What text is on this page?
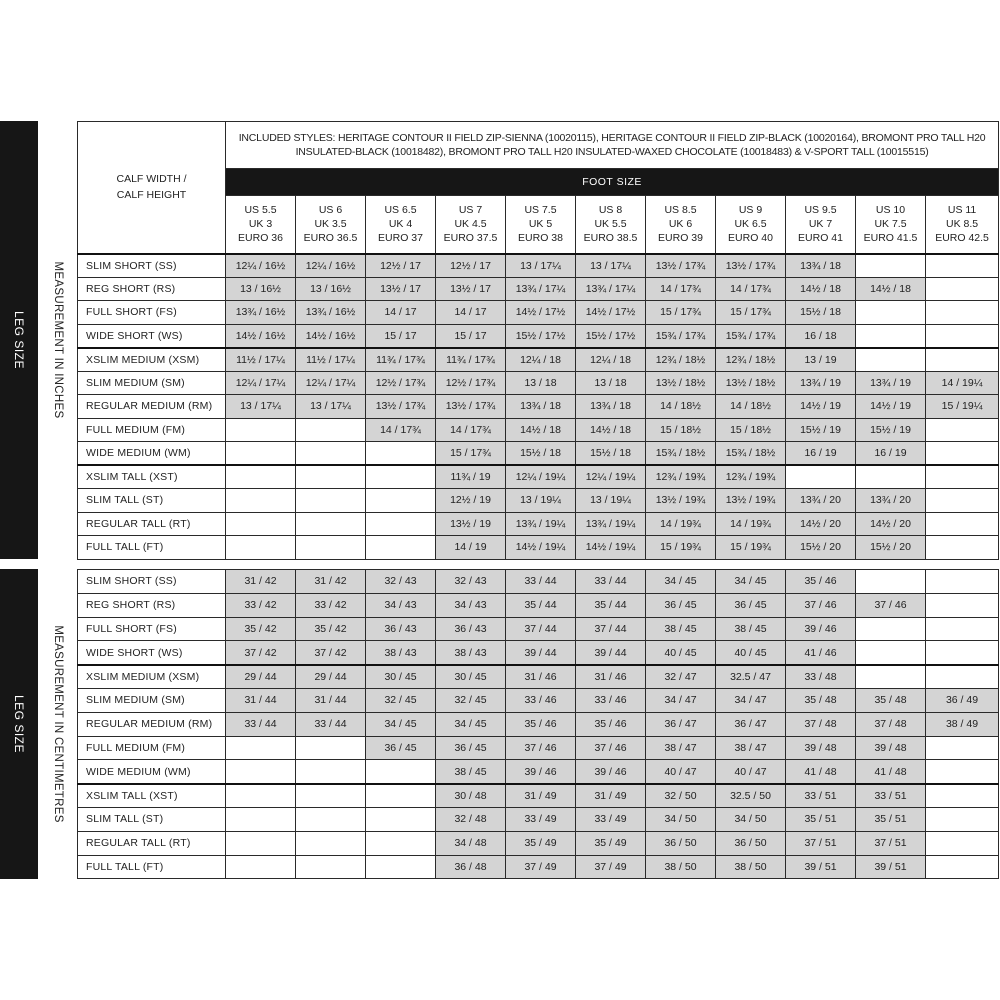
LEG SIZE MEASUREMENT IN INCHES
CALF WIDTH /
CALF HEIGHT	INCLUDED STYLES: HERITAGE CONTOUR II FIELD ZIP-SIENNA (10020115), HERITAGE CONTOUR II FIELD ZIP-BLACK (10020164), BROMONT PRO TALL H20 INSULATED-BLACK (10018482), BROMONT PRO TALL H20 INSULATED-WAXED CHOCOLATE (10018483) & V-SPORT TALL (10015515)										
	FOOT SIZE										

	US 5.5
UK 3
EURO 36	US 6
UK 3.5
EURO 36.5	US 6.5
UK 4
EURO 37	US 7
UK 4.5
EURO 37.5	US 7.5
UK 5
EURO 38	US 8
UK 5.5
EURO 38.5	US 8.5
UK 6
EURO 39	US 9
UK 6.5
EURO 40	US 9.5
UK 7
EURO 41	US 10
UK 7.5
EURO 41.5	US 11
UK 8.5
EURO 42.5

SLIM SHORT (SS)	12¼ / 16½	12¼ / 16½	12½ / 17	12½ / 17	13 / 17¼	13 / 17¼	13½ / 17¾	13½ / 17¾	13¾ / 18		
REG SHORT (RS)	13 / 16½	13 / 16½	13½ / 17	13½ / 17	13¾ / 17¼	13¾ / 17¼	14 / 17¾	14 / 17¾	14½ / 18	14½ / 18	
FULL SHORT (FS)	13¾ / 16½	13¾ / 16½	14 / 17	14 / 17	14½ / 17½	14½ / 17½	15 / 17¾	15 / 17¾	15½ / 18		
WIDE SHORT (WS)	14½ / 16½	14½ / 16½	15 / 17	15 / 17	15½ / 17½	15½ / 17½	15¾ / 17¾	15¾ / 17¾	16 / 18		
XSLIM MEDIUM (XSM)	11½ / 17¼	11½ / 17¼	11¾ / 17¾	11¾ / 17¾	12¼ / 18	12¼ / 18	12¾ / 18½	12¾ / 18½	13 / 19		
SLIM MEDIUM (SM)	12¼ / 17¼	12¼ / 17¼	12½ / 17¾	12½ / 17¾	13 / 18	13 / 18	13½ / 18½	13½ / 18½	13¾ / 19	13¾ / 19	14 / 19¼
REGULAR MEDIUM (RM)	13 / 17¼	13 / 17¼	13½ / 17¾	13½ / 17¾	13¾ / 18	13¾ / 18	14 / 18½	14 / 18½	14½ / 19	14½ / 19	15 / 19¼
FULL MEDIUM (FM)			14 / 17¾	14 / 17¾	14½ / 18	14½ / 18	15 / 18½	15 / 18½	15½ / 19	15½ / 19	
WIDE MEDIUM (WM)				15 / 17¾	15½ / 18	15½ / 18	15¾ / 18½	15¾ / 18½	16 / 19	16 / 19	
XSLIM TALL (XST)				11¾ / 19	12¼ / 19¼	12¼ / 19¼	12¾ / 19¾	12¾ / 19¾			
SLIM TALL (ST)				12½ / 19	13 / 19¼	13 / 19¼	13½ / 19¾	13½ / 19¾	13¾ / 20	13¾ / 20	
REGULAR TALL (RT)				13½ / 19	13¾ / 19¼	13¾ / 19¼	14 / 19¾	14 / 19¾	14½ / 20	14½ / 20	
FULL TALL (FT)				14 / 19	14½ / 19¼	14½ / 19¼	15 / 19¾	15 / 19¾	15½ / 20	15½ / 20	
LEG SIZE MEASUREMENT IN CENTIMETRES
SLIM SHORT (SS)	31 / 42	31 / 42	32 / 43	32 / 43	33 / 44	33 / 44	34 / 45	34 / 45	35 / 46		
REG SHORT (RS)	33 / 42	33 / 42	34 / 43	34 / 43	35 / 44	35 / 44	36 / 45	36 / 45	37 / 46	37 / 46	
FULL SHORT (FS)	35 / 42	35 / 42	36 / 43	36 / 43	37 / 44	37 / 44	38 / 45	38 / 45	39 / 46		
WIDE SHORT (WS)	37 / 42	37 / 42	38 / 43	38 / 43	39 / 44	39 / 44	40 / 45	40 / 45	41 / 46		
XSLIM MEDIUM (XSM)	29 / 44	29 / 44	30 / 45	30 / 45	31 / 46	31 / 46	32 / 47	32.5 / 47	33 / 48		
SLIM MEDIUM (SM)	31 / 44	31 / 44	32 / 45	32 / 45	33 / 46	33 / 46	34 / 47	34 / 47	35 / 48	35 / 48	36 / 49
REGULAR MEDIUM (RM)	33 / 44	33 / 44	34 / 45	34 / 45	35 / 46	35 / 46	36 / 47	36 / 47	37 / 48	37 / 48	38 / 49
FULL MEDIUM (FM)			36 / 45	36 / 45	37 / 46	37 / 46	38 / 47	38 / 47	39 / 48	39 / 48	
WIDE MEDIUM (WM)				38 / 45	39 / 46	39 / 46	40 / 47	40 / 47	41 / 48	41 / 48	
XSLIM TALL (XST)				30 / 48	31 / 49	31 / 49	32 / 50	32.5 / 50	33 / 51	33 / 51	
SLIM TALL (ST)				32 / 48	33 / 49	33 / 49	34 / 50	34 / 50	35 / 51	35 / 51	
REGULAR TALL (RT)				34 / 48	35 / 49	35 / 49	36 / 50	36 / 50	37 / 51	37 / 51	
FULL TALL (FT)				36 / 48	37 / 49	37 / 49	38 / 50	38 / 50	39 / 51	39 / 51	
